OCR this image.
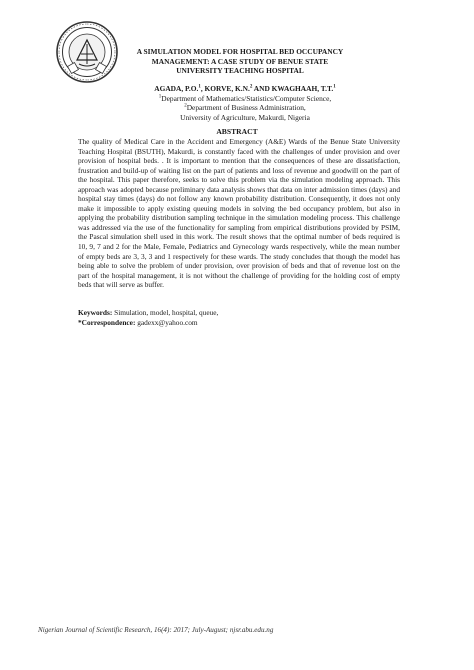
A SIMULATION MODEL FOR HOSPITAL BED OCCUPANCY
MANAGEMENT: A CASE STUDY OF BENUE STATE
UNIVERSITY TEACHING HOSPITAL
AGADA, P.O.$^1$, KORVE, K.N.$^2$ AND KWAGHAAH, T.T.$^1$
$^1$Department of Mathematics/Statistics/Computer Science,
$^2$Department of Business Administration,
University of Agriculture, Makurdi, Nigeria
ABSTRACT
The quality of Medical Care in the Accident and Emergency (A&E) Wards of the Benue State University Teaching Hospital (BSUTH), Makurdi, is constantly faced with the challenges of under provision and over provision of hospital beds. . It is important to mention that the consequences of these are dissatisfaction, frustration and build-up of waiting list on the part of patients and loss of revenue and goodwill on the part of the hospital. This paper therefore, seeks to solve this problem via the simulation modeling approach. This approach was adopted because preliminary data analysis shows that data on inter admission times (days) and hospital stay times (days) do not follow any known probability distribution. Consequently, it does not only make it impossible to apply existing queuing models in solving the bed occupancy problem, but also in applying the probability distribution sampling technique in the simulation modeling process. This challenge was addressed via the use of the functionality for sampling from empirical distributions provided by PSIM, the Pascal simulation shell used in this work. The result shows that the optimal number of beds required is 10, 9, 7 and 2 for the Male, Female, Pediatrics and Gynecology wards respectively, while the mean number of empty beds are 3, 3, 3 and 1 respectively for these wards. The study concludes that though the model has being able to solve the problem of under provision, over provision of beds and that of revenue lost on the part of the hospital management, it is not without the challenge of providing for the holding cost of empty beds that will serve as buffer.
Keywords: Simulation, model, hospital, queue,
*Correspondence: gadexx@yahoo.com
Nigerian Journal of Scientific Research, 16(4): 2017; July-August; njsr.abu.edu.ng
